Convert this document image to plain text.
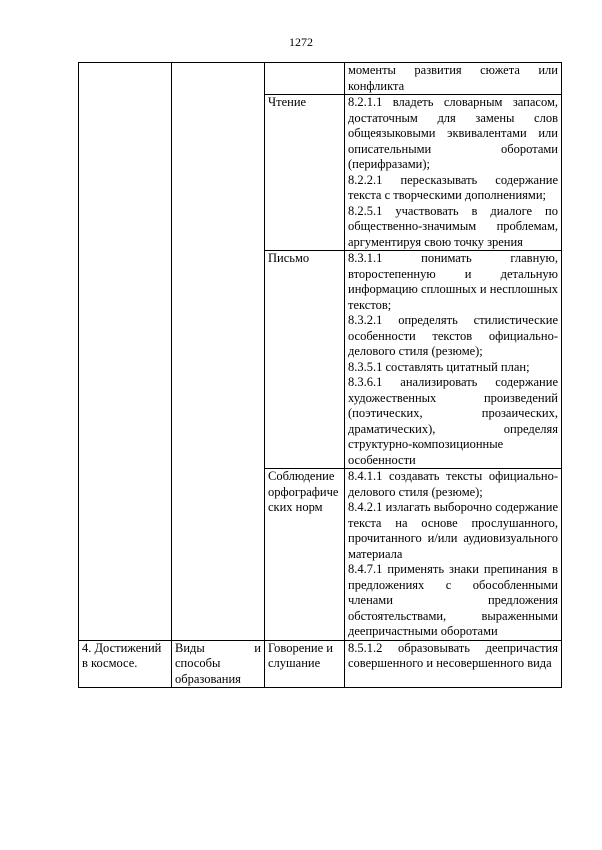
1272

			моменты развития сюжета или конфликта

		Чтение	8.2.1.1 владеть словарным запасом, достаточным для замены слов общеязыковыми эквивалентами или описательными оборотами (перифразами);
8.2.2.1 пересказывать содержание текста с творческими дополнениями;
8.2.5.1 участвовать в диалоге по общественно-значимым проблемам, аргументируя свою точку зрения

		Письмо	8.3.1.1 понимать главную, второстепенную и детальную информацию сплошных и несплошных текстов;
8.3.2.1 определять стилистические особенности текстов официально-делового стиля (резюме);
8.3.5.1 составлять цитатный план;
8.3.6.1 анализировать содержание художественных произведений (поэтических, прозаических, драматических), определяя структурно-композиционные особенности

		Соблюдение орфографических норм	8.4.1.1 создавать тексты официально-делового стиля (резюме);
8.4.2.1 излагать выборочно содержание текста на основе прослушанного, прочитанного и/или аудиовизуального материала
8.4.7.1 применять знаки препинания в предложениях с обособленными членами предложения обстоятельствами, выраженными деепричастными оборотами

4. Достижений в космосе.	Виды и способы образования	Говорение и слушание	8.5.1.2 образовывать деепричастия совершенного и несовершенного вида
